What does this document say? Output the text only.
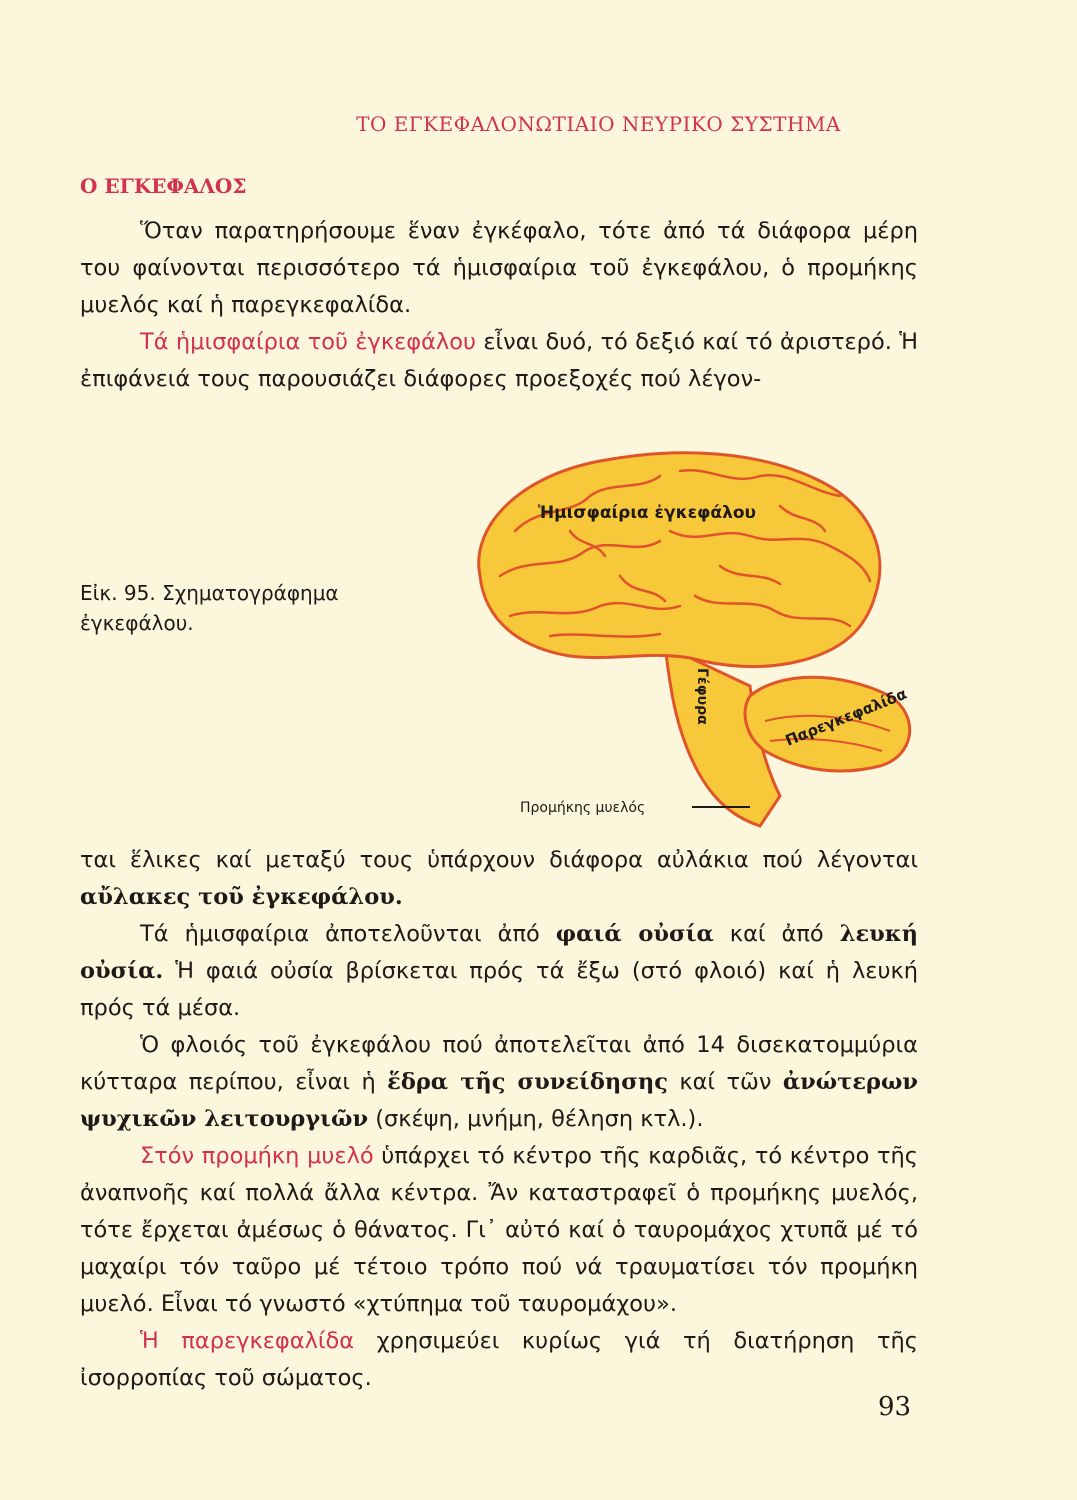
ΤΟ ΕΓΚΕΦΑΛΟΝΩΤΙΑΙΟ ΝΕΥΡΙΚΟ ΣΥΣΤΗΜΑ
Ο ΕΓΚΕΦΑΛΟΣ
Ὅταν παρατηρήσουμε ἕναν ἐγκέφαλο, τότε ἀπό τά διάφορα μέρη του φαίνονται περισσότερο τά ἡμισφαίρια τοῦ ἐγκεφάλου, ὁ προμήκης μυελός καί ἡ παρεγκεφαλίδα.
Τά ἡμισφαίρια τοῦ ἐγκεφάλου εἶναι δυό, τό δεξιό καί τό ἀριστερό. Ἡ ἐπιφάνειά τους παρουσιάζει διάφορες προεξοχές πού λέγον-
Εἰκ. 95. Σχηματογράφημα ἐγκεφάλου.
Ἡμισφαίρια ἐγκεφάλου
Γέφυρα	Παρεγκεφαλίδα
Προμήκης μυελός
ται ἕλικες καί μεταξύ τους ὑπάρχουν διάφορα αὐλάκια πού λέγονται αὔλακες τοῦ ἐγκεφάλου.
Τά ἡμισφαίρια ἀποτελοῦνται ἀπό φαιά οὐσία καί ἀπό λευκή οὐσία. Ἡ φαιά οὐσία βρίσκεται πρός τά ἔξω (στό φλοιό) καί ἡ λευκή πρός τά μέσα.
Ὁ φλοιός τοῦ ἐγκεφάλου πού ἀποτελεῖται ἀπό 14 δισεκατομμύρια κύτταρα περίπου, εἶναι ἡ ἕδρα τῆς συνείδησης καί τῶν ἀνώτερων ψυχικῶν λειτουργιῶν (σκέψη, μνήμη, θέληση κτλ.).
Στόν προμήκη μυελό ὑπάρχει τό κέντρο τῆς καρδιᾶς, τό κέντρο τῆς ἀναπνοῆς καί πολλά ἄλλα κέντρα. Ἄν καταστραφεῖ ὁ προμήκης μυελός, τότε ἔρχεται ἀμέσως ὁ θάνατος. Γι᾿ αὐτό καί ὁ ταυρομάχος χτυπᾶ μέ τό μαχαίρι τόν ταῦρο μέ τέτοιο τρόπο πού νά τραυματίσει τόν προμήκη μυελό. Εἶναι τό γνωστό «χτύπημα τοῦ ταυρομάχου».
Ἡ παρεγκεφαλίδα χρησιμεύει κυρίως γιά τή διατήρηση τῆς ἰσορροπίας τοῦ σώματος.
93
